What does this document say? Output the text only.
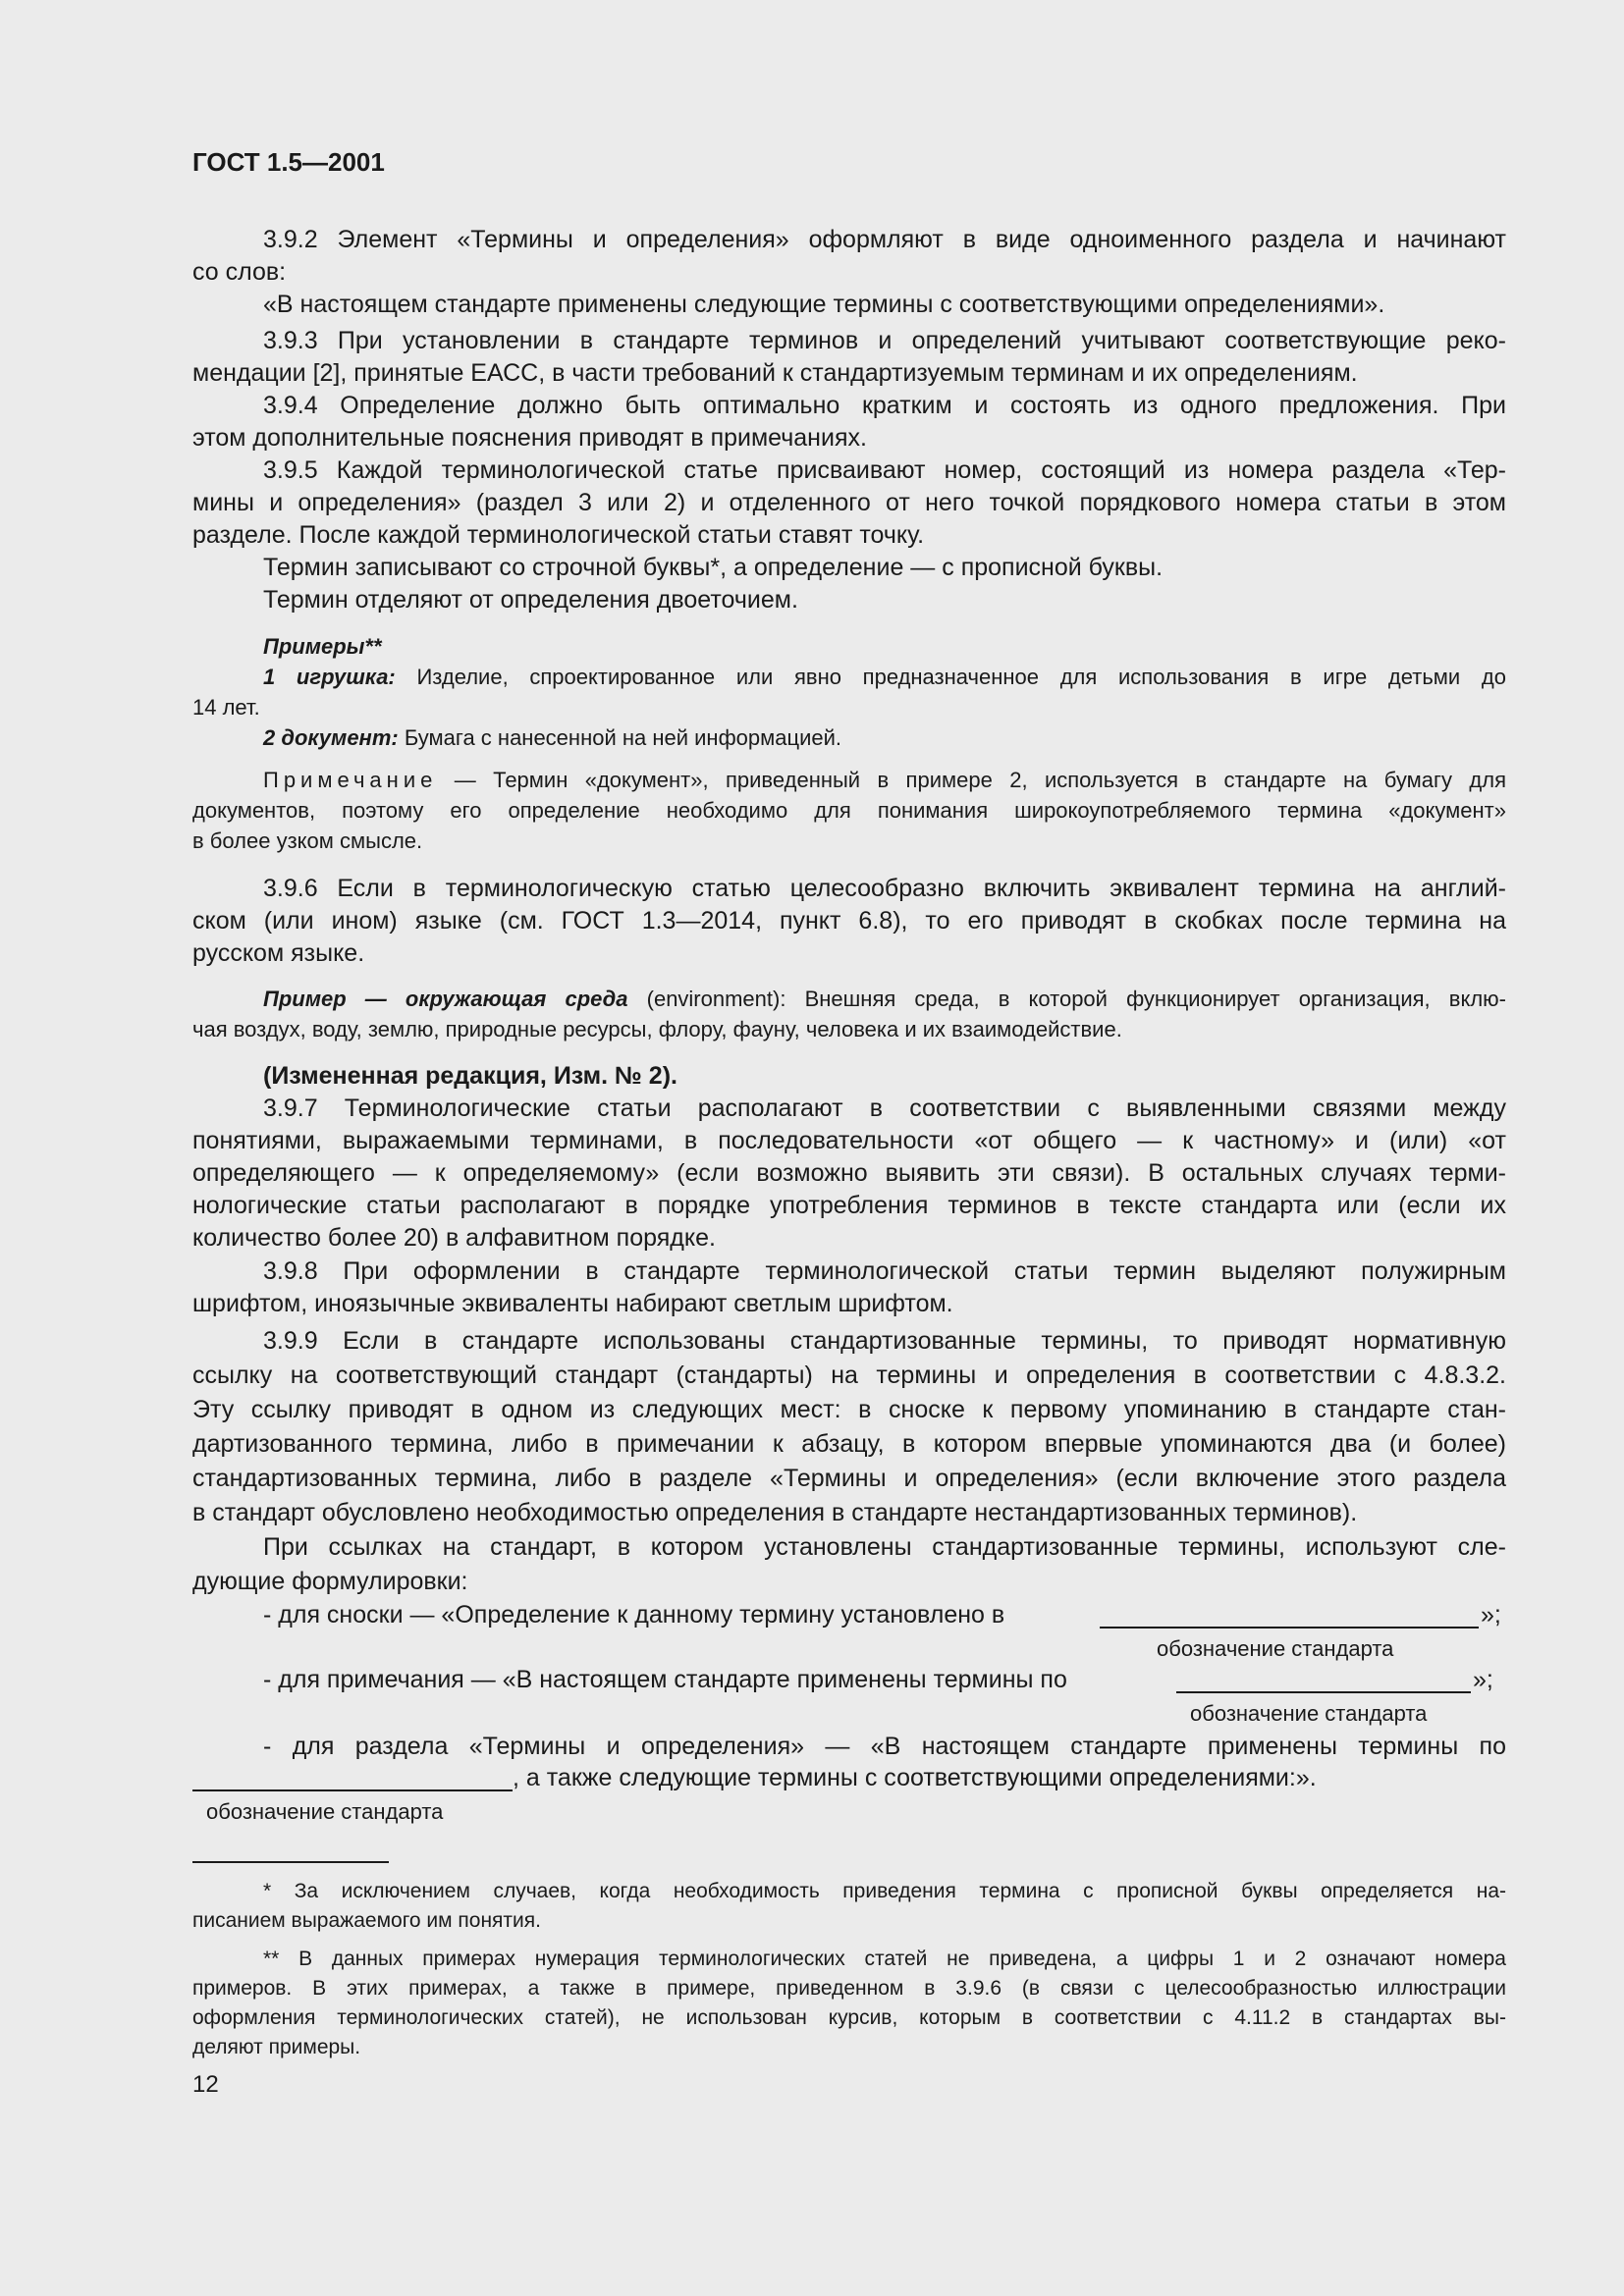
ГОСТ 1.5—2001

3.9.2 Элемент «Термины и определения» оформляют в виде одноименного раздела и начинают

со слов:

«В настоящем стандарте применены следующие термины с соответствующими определениями».

3.9.3 При установлении в стандарте терминов и определений учитывают соответствующие реко-

мендации [2], принятые ЕАСС, в части требований к стандартизуемым терминам и их определениям.

3.9.4 Определение должно быть оптимально кратким и состоять из одного предложения. При

этом дополнительные пояснения приводят в примечаниях.

3.9.5 Каждой терминологической статье присваивают номер, состоящий из номера раздела «Тер-

мины и определения» (раздел 3 или 2) и отделенного от него точкой порядкового номера статьи в этом

разделе. После каждой терминологической статьи ставят точку.

Термин записывают со строчной буквы*, а определение — с прописной буквы.

Термин отделяют от определения двоеточием.

Примеры**

1 игрушка: Изделие, спроектированное или явно предназначенное для использования в игре детьми до

14 лет.

2 документ: Бумага с нанесенной на ней информацией.

Примечание — Термин «документ», приведенный в примере 2, используется в стандарте на бумагу для

документов, поэтому его определение необходимо для понимания широкоупотребляемого термина «документ»

в более узком смысле.

3.9.6 Если в терминологическую статью целесообразно включить эквивалент термина на англий-

ском (или ином) языке (см. ГОСТ 1.3—2014, пункт 6.8), то его приводят в скобках после термина на

русском языке.

Пример — окружающая среда (environment): Внешняя среда, в которой функционирует организация, вклю-

чая воздух, воду, землю, природные ресурсы, флору, фауну, человека и их взаимодействие.

(Измененная редакция, Изм. № 2).

3.9.7 Терминологические статьи располагают в соответствии с выявленными связями между

понятиями, выражаемыми терминами, в последовательности «от общего — к частному» и (или) «от

определяющего — к определяемому» (если возможно выявить эти связи). В остальных случаях терми-

нологические статьи располагают в порядке употребления терминов в тексте стандарта или (если их

количество более 20) в алфавитном порядке.

3.9.8 При оформлении в стандарте терминологической статьи термин выделяют полужирным

шрифтом, иноязычные эквиваленты набирают светлым шрифтом.

3.9.9 Если в стандарте использованы стандартизованные термины, то приводят нормативную

ссылку на соответствующий стандарт (стандарты) на термины и определения в соответствии с 4.8.3.2.

Эту ссылку приводят в одном из следующих мест: в сноске к первому упоминанию в стандарте стан-

дартизованного термина, либо в примечании к абзацу, в котором впервые упоминаются два (и более)

стандартизованных термина, либо в разделе «Термины и определения» (если включение этого раздела

в стандарт обусловлено необходимостью определения в стандарте нестандартизованных терминов).

При ссылках на стандарт, в котором установлены стандартизованные термины, используют сле-

дующие формулировки:

- для сноски — «Определение к данному термину установлено в	»;
обозначение стандарта
- для примечания — «В настоящем стандарте применены термины по	»;
обозначение стандарта

- для раздела «Термины и определения» — «В настоящем стандарте применены термины по

, а также следующие термины с соответствующими определениями:».
обозначение стандарта

* За исключением случаев, когда необходимость приведения термина с прописной буквы определяется на-

писанием выражаемого им понятия.

** В данных примерах нумерация терминологических статей не приведена, а цифры 1 и 2 означают номера

примеров. В этих примерах, а также в примере, приведенном в 3.9.6 (в связи с целесообразностью иллюстрации

оформления терминологических статей), не использован курсив, которым в соответствии с 4.11.2 в стандартах вы-

деляют примеры.

12
